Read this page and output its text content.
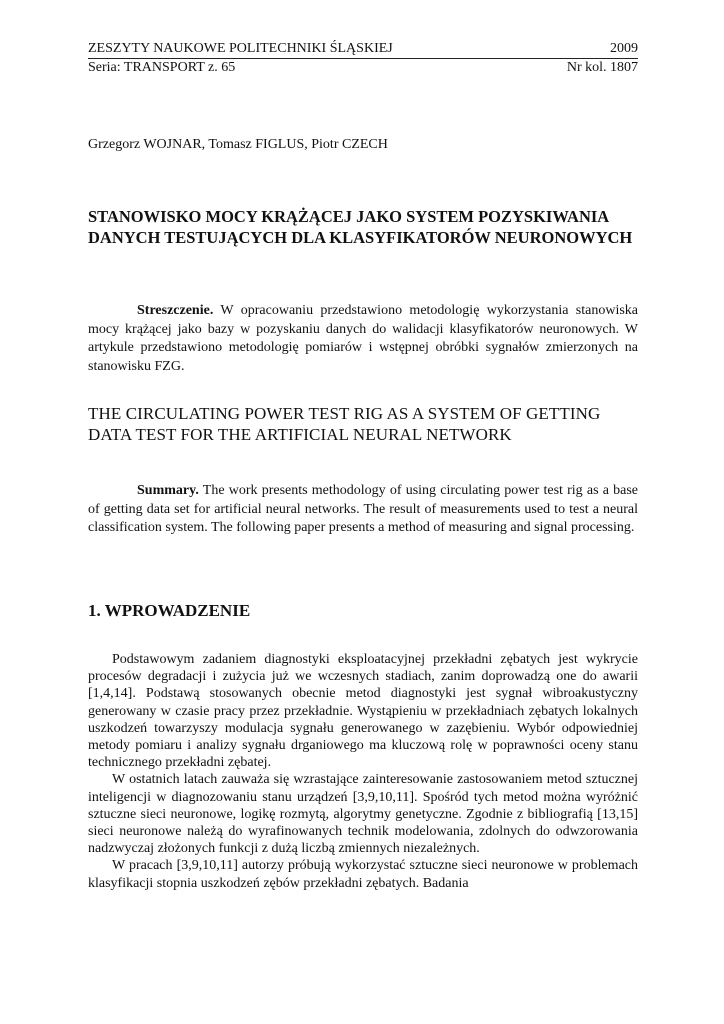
ZESZYTY NAUKOWE POLITECHNIKI ŚLĄSKIEJ	2009
Seria: TRANSPORT z. 65	Nr kol. 1807
Grzegorz WOJNAR, Tomasz FIGLUS, Piotr CZECH
STANOWISKO MOCY KRĄŻĄCEJ JAKO SYSTEM POZYSKIWANIA DANYCH TESTUJĄCYCH DLA KLASYFIKATORÓW NEURONOWYCH

Streszczenie. W opracowaniu przedstawiono metodologię wykorzystania stanowiska mocy krążącej jako bazy w pozyskaniu danych do walidacji klasyfikatorów neuronowych. W artykule przedstawiono metodologię pomiarów i wstępnej obróbki sygnałów zmierzonych na stanowisku FZG.

THE CIRCULATING POWER TEST RIG AS A SYSTEM OF GETTING DATA TEST FOR THE ARTIFICIAL NEURAL NETWORK

Summary. The work presents methodology of using circulating power test rig as a base of getting data set for artificial neural networks. The result of measurements used to test a neural classification system. The following paper presents a method of measuring and signal processing.

1. WPROWADZENIE

Podstawowym zadaniem diagnostyki eksploatacyjnej przekładni zębatych jest wykrycie procesów degradacji i zużycia już we wczesnych stadiach, zanim doprowadzą one do awarii [1,4,14]. Podstawą stosowanych obecnie metod diagnostyki jest sygnał wibroakustyczny generowany w czasie pracy przez przekładnie. Wystąpieniu w przekładniach zębatych lokalnych uszkodzeń towarzyszy modulacja sygnału generowanego w zazębieniu. Wybór odpowiedniej metody pomiaru i analizy sygnału drganiowego ma kluczową rolę w poprawności oceny stanu technicznego przekładni zębatej.

W ostatnich latach zauważa się wzrastające zainteresowanie zastosowaniem metod sztucznej inteligencji w diagnozowaniu stanu urządzeń [3,9,10,11]. Spośród tych metod można wyróżnić sztuczne sieci neuronowe, logikę rozmytą, algorytmy genetyczne. Zgodnie z bibliografią [13,15] sieci neuronowe należą do wyrafinowanych technik modelowania, zdolnych do odwzorowania nadzwyczaj złożonych funkcji z dużą liczbą zmiennych niezależnych.

W pracach [3,9,10,11] autorzy próbują wykorzystać sztuczne sieci neuronowe w problemach klasyfikacji stopnia uszkodzeń zębów przekładni zębatych. Badania
